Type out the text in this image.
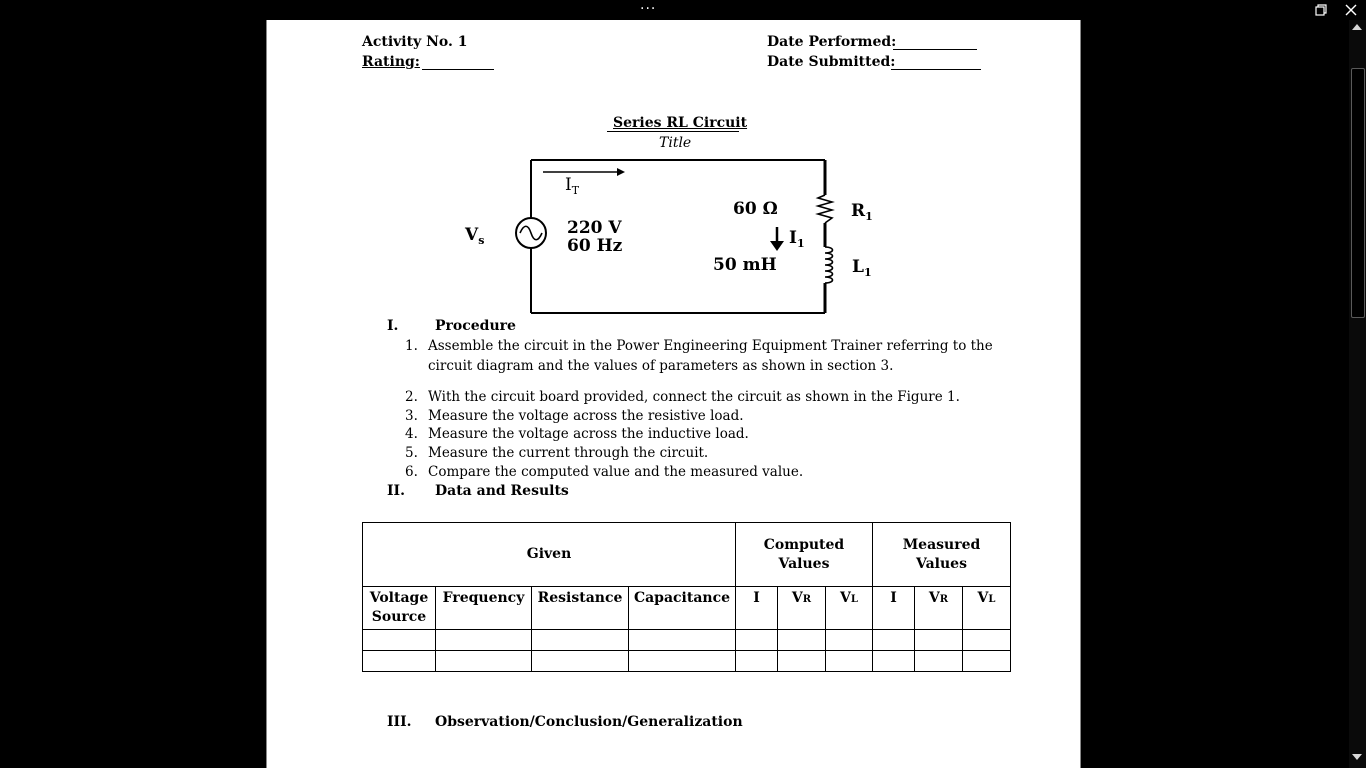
···
Activity No. 1
Rating:
Date Performed:
Date Submitted:
Series RL Circuit
Title
$I_T$
$V_s$
220 V
60 Hz
60 Ω	$R_1$
$I_1$
50 mH	$L_1$
I.	Procedure
1. Assemble the circuit in the Power Engineering Equipment Trainer referring to the
circuit diagram and the values of parameters as shown in section 3.
2. With the circuit board provided, connect the circuit as shown in the Figure 1.
3. Measure the voltage across the resistive load.
4. Measure the voltage across the inductive load.
5. Measure the current through the circuit.
6. Compare the computed value and the measured value.
II. Data and Results
Given				Computed Values			Measured Values		
Voltage Source	Frequency	Resistance	Capacitance	I	VR	VL	I	VR	VL

III. Observation/Conclusion/Generalization
